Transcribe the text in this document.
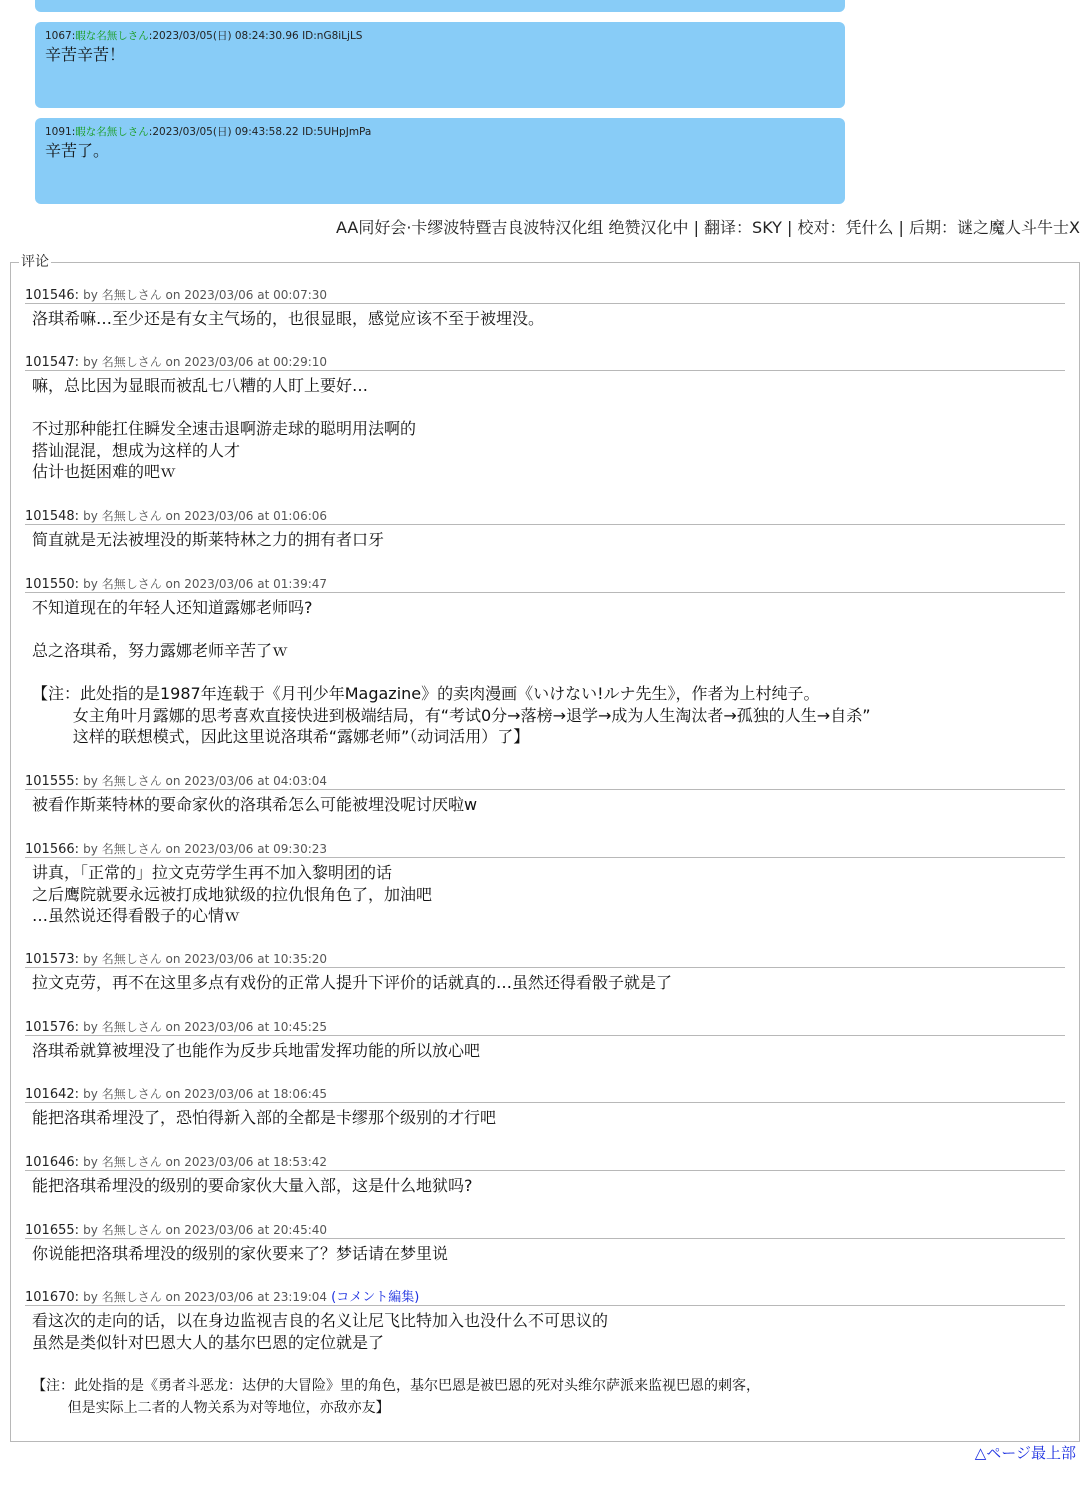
1067:暇な名無しさん:2023/03/05(日) 08:24:30.96 ID:nG8iLjLS
辛苦辛苦！
1091:暇な名無しさん:2023/03/05(日) 09:43:58.22 ID:5UHpJmPa
辛苦了。
AA同好会·卡缪波特暨吉良波特汉化组 绝赞汉化中 | 翻译：SKY | 校对：凭什么 | 后期：谜之魔人斗牛士X
评论
101546: by 名無しさん on 2023/03/06 at 00:07:30
洛琪希嘛…至少还是有女主气场的，也很显眼，感觉应该不至于被埋没。
101547: by 名無しさん on 2023/03/06 at 00:29:10
嘛，总比因为显眼而被乱七八糟的人盯上要好…

不过那种能扛住瞬发全速击退啊游走球的聪明用法啊的
搭讪混混，想成为这样的人才
估计也挺困难的吧ｗ
101548: by 名無しさん on 2023/03/06 at 01:06:06
简直就是无法被埋没的斯莱特林之力的拥有者口牙
101550: by 名無しさん on 2023/03/06 at 01:39:47
不知道现在的年轻人还知道露娜老师吗?

总之洛琪希，努力露娜老师辛苦了ｗ

【注：此处指的是1987年连载于《月刊少年Magazine》的卖肉漫画《いけない!ルナ先生》，作者为上村纯子。
女主角叶月露娜的思考喜欢直接快进到极端结局，有“考试0分→落榜→退学→成为人生淘汰者→孤独的人生→自杀”
这样的联想模式，因此这里说洛琪希“露娜老师”（动词活用）了】
101555: by 名無しさん on 2023/03/06 at 04:03:04
被看作斯莱特林的要命家伙的洛琪希怎么可能被埋没呢讨厌啦w
101566: by 名無しさん on 2023/03/06 at 09:30:23
讲真，「正常的」拉文克劳学生再不加入黎明团的话
之后鹰院就要永远被打成地狱级的拉仇恨角色了，加油吧
…虽然说还得看骰子的心情ｗ
101573: by 名無しさん on 2023/03/06 at 10:35:20
拉文克劳，再不在这里多点有戏份的正常人提升下评价的话就真的…虽然还得看骰子就是了
101576: by 名無しさん on 2023/03/06 at 10:45:25
洛琪希就算被埋没了也能作为反步兵地雷发挥功能的所以放心吧
101642: by 名無しさん on 2023/03/06 at 18:06:45
能把洛琪希埋没了，恐怕得新入部的全都是卡缪那个级别的才行吧
101646: by 名無しさん on 2023/03/06 at 18:53:42
能把洛琪希埋没的级别的要命家伙大量入部，这是什么地狱吗?
101655: by 名無しさん on 2023/03/06 at 20:45:40
你说能把洛琪希埋没的级别的家伙要来了？梦话请在梦里说
101670: by 名無しさん on 2023/03/06 at 23:19:04 (コメント編集)
看这次的走向的话，以在身边监视吉良的名义让尼飞比特加入也没什么不可思议的
虽然是类似针对巴恩大人的基尔巴恩的定位就是了
【注：此处指的是《勇者斗恶龙：达伊的大冒险》里的角色，基尔巴恩是被巴恩的死对头维尔萨派来监视巴恩的刺客，
但是实际上二者的人物关系为对等地位，亦敌亦友】
△ページ最上部
